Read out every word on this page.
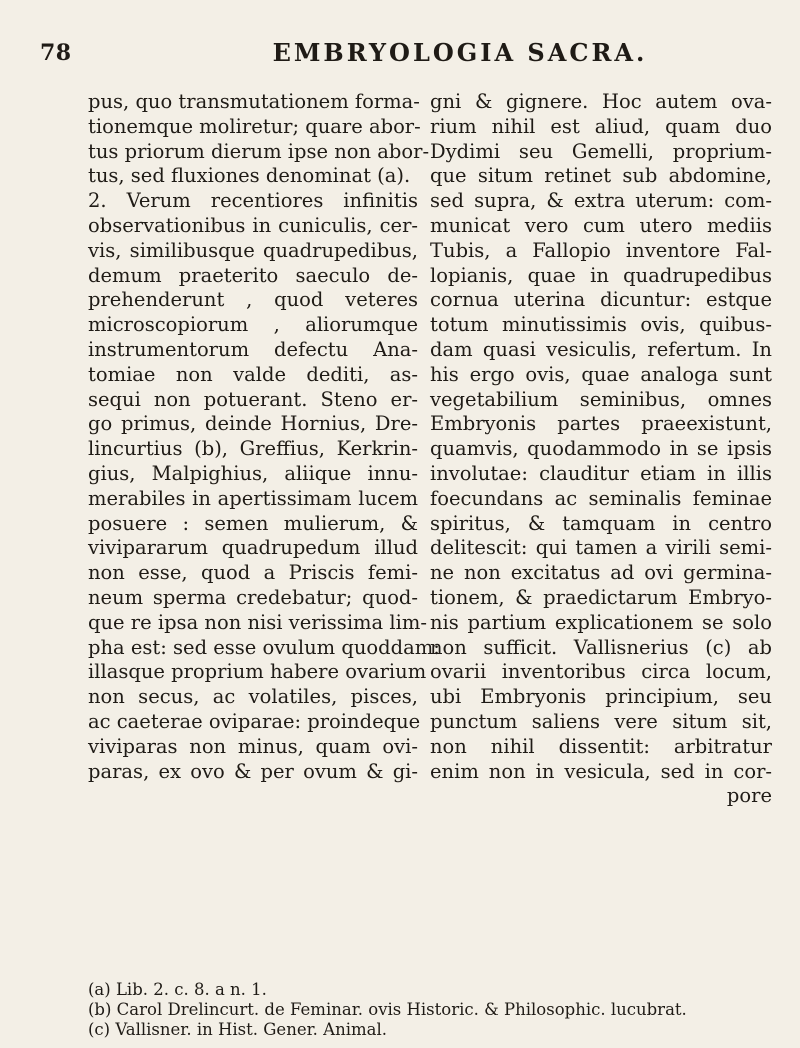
78	EMBRYOLOGIA SACRA.
pus, quo transmutationem forma-
tionemque moliretur; quare abor-
tus priorum dierum ipse non abor-
tus, sed fluxiones denominat (a).
2. Verum recentiores infinitis
observationibus in cuniculis, cer-
vis, similibusque quadrupedibus,
demum praeterito saeculo de-
prehenderunt , quod veteres
microscopiorum , aliorumque
instrumentorum defectu Ana-
tomiae non valde dediti, as-
sequi non potuerant. Steno er-
go primus, deinde Hornius, Dre-
lincurtius (b), Greffius, Kerkrin-
gius, Malpighius, aliique innu-
merabiles in apertissimam lucem
posuere : semen mulierum, &
vivipararum quadrupedum illud
non esse, quod a Priscis femi-
neum sperma credebatur; quod-
que re ipsa non nisi verissima lim-
pha est: sed esse ovulum quoddam:
illasque proprium habere ovarium
non secus, ac volatiles, pisces,
ac caeterae oviparae: proindeque
viviparas non minus, quam ovi-
paras, ex ovo & per ovum & gi-
gni & gignere. Hoc autem ova-
rium nihil est aliud, quam duo
Dydimi seu Gemelli, proprium-
que situm retinet sub abdomine,
sed supra, & extra uterum: com-
municat vero cum utero mediis
Tubis, a Fallopio inventore Fal-
lopianis, quae in quadrupedibus
cornua uterina dicuntur: estque
totum minutissimis ovis, quibus-
dam quasi vesiculis, refertum. In
his ergo ovis, quae analoga sunt
vegetabilium seminibus, omnes
Embryonis partes praeexistunt,
quamvis, quodammodo in se ipsis
involutae: clauditur etiam in illis
foecundans ac seminalis feminae
spiritus, & tamquam in centro
delitescit: qui tamen a virili semi-
ne non excitatus ad ovi germina-
tionem, & praedictarum Embryo-
nis partium explicationem se solo
non sufficit. Vallisnerius (c) ab
ovarii inventoribus circa locum,
ubi Embryonis principium, seu
punctum saliens vere situm sit,
non nihil dissentit: arbitratur
enim non in vesicula, sed in cor-
pore
(a) Lib. 2. c. 8. a n. 1.
(b) Carol Drelincurt. de Feminar. ovis Historic. & Philosophic. lucubrat.
(c) Vallisner. in Hist. Gener. Animal.
